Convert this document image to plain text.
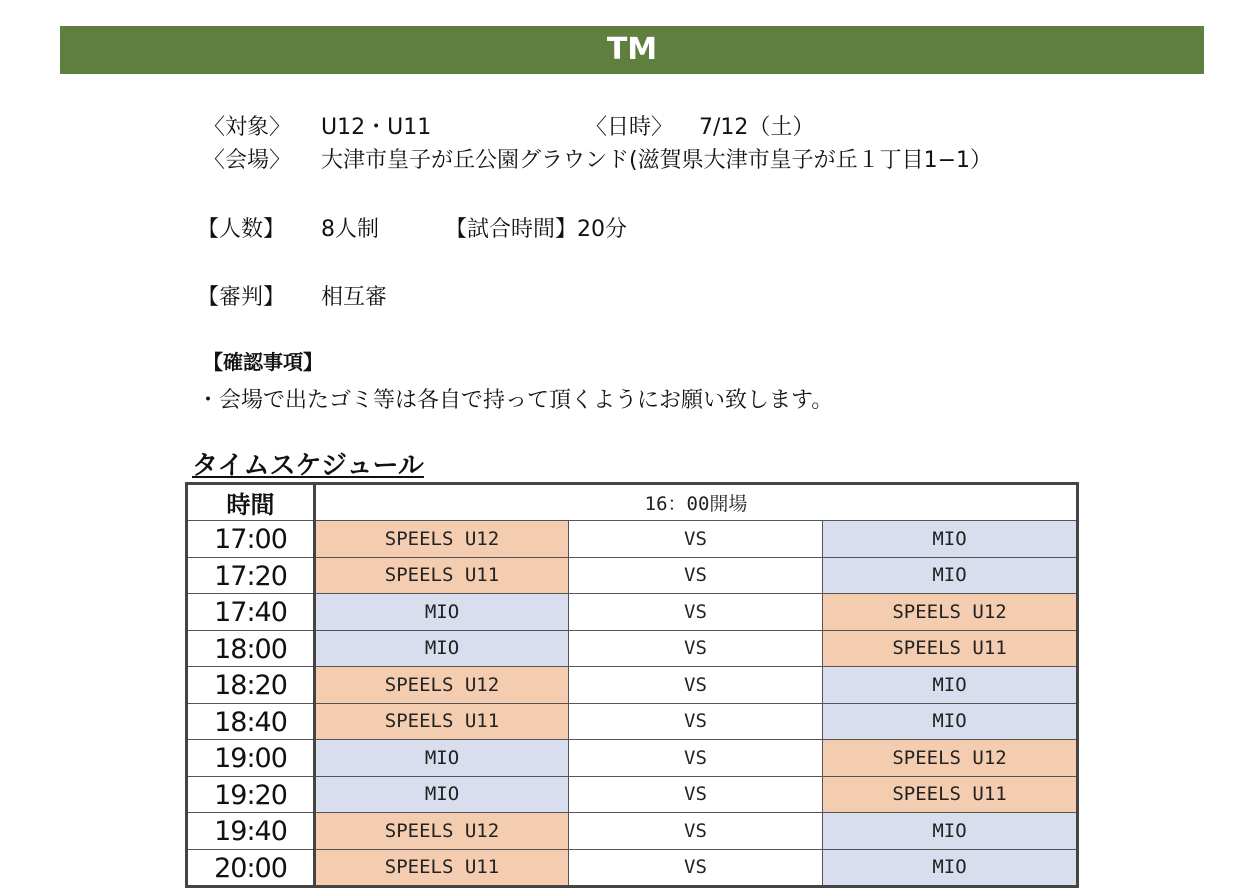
TM
〈対象〉 U12・U11	〈日時〉 7/12（土）
〈会場〉 大津市皇子が丘公園グラウンド(滋賀県大津市皇子が丘１丁目1−1）
【人数】 8人制	【試合時間】20分
【審判】 相互審
【確認事項】
・会場で出たゴミ等は各自で持って頂くようにお願い致します。
タイムスケジュール
時間	16：00開場		
17:00	SPEELS U12	VS	MIO
17:20	SPEELS U11	VS	MIO
17:40	MIO	VS	SPEELS U12
18:00	MIO	VS	SPEELS U11
18:20	SPEELS U12	VS	MIO
18:40	SPEELS U11	VS	MIO
19:00	MIO	VS	SPEELS U12
19:20	MIO	VS	SPEELS U11
19:40	SPEELS U12	VS	MIO
20:00	SPEELS U11	VS	MIO
